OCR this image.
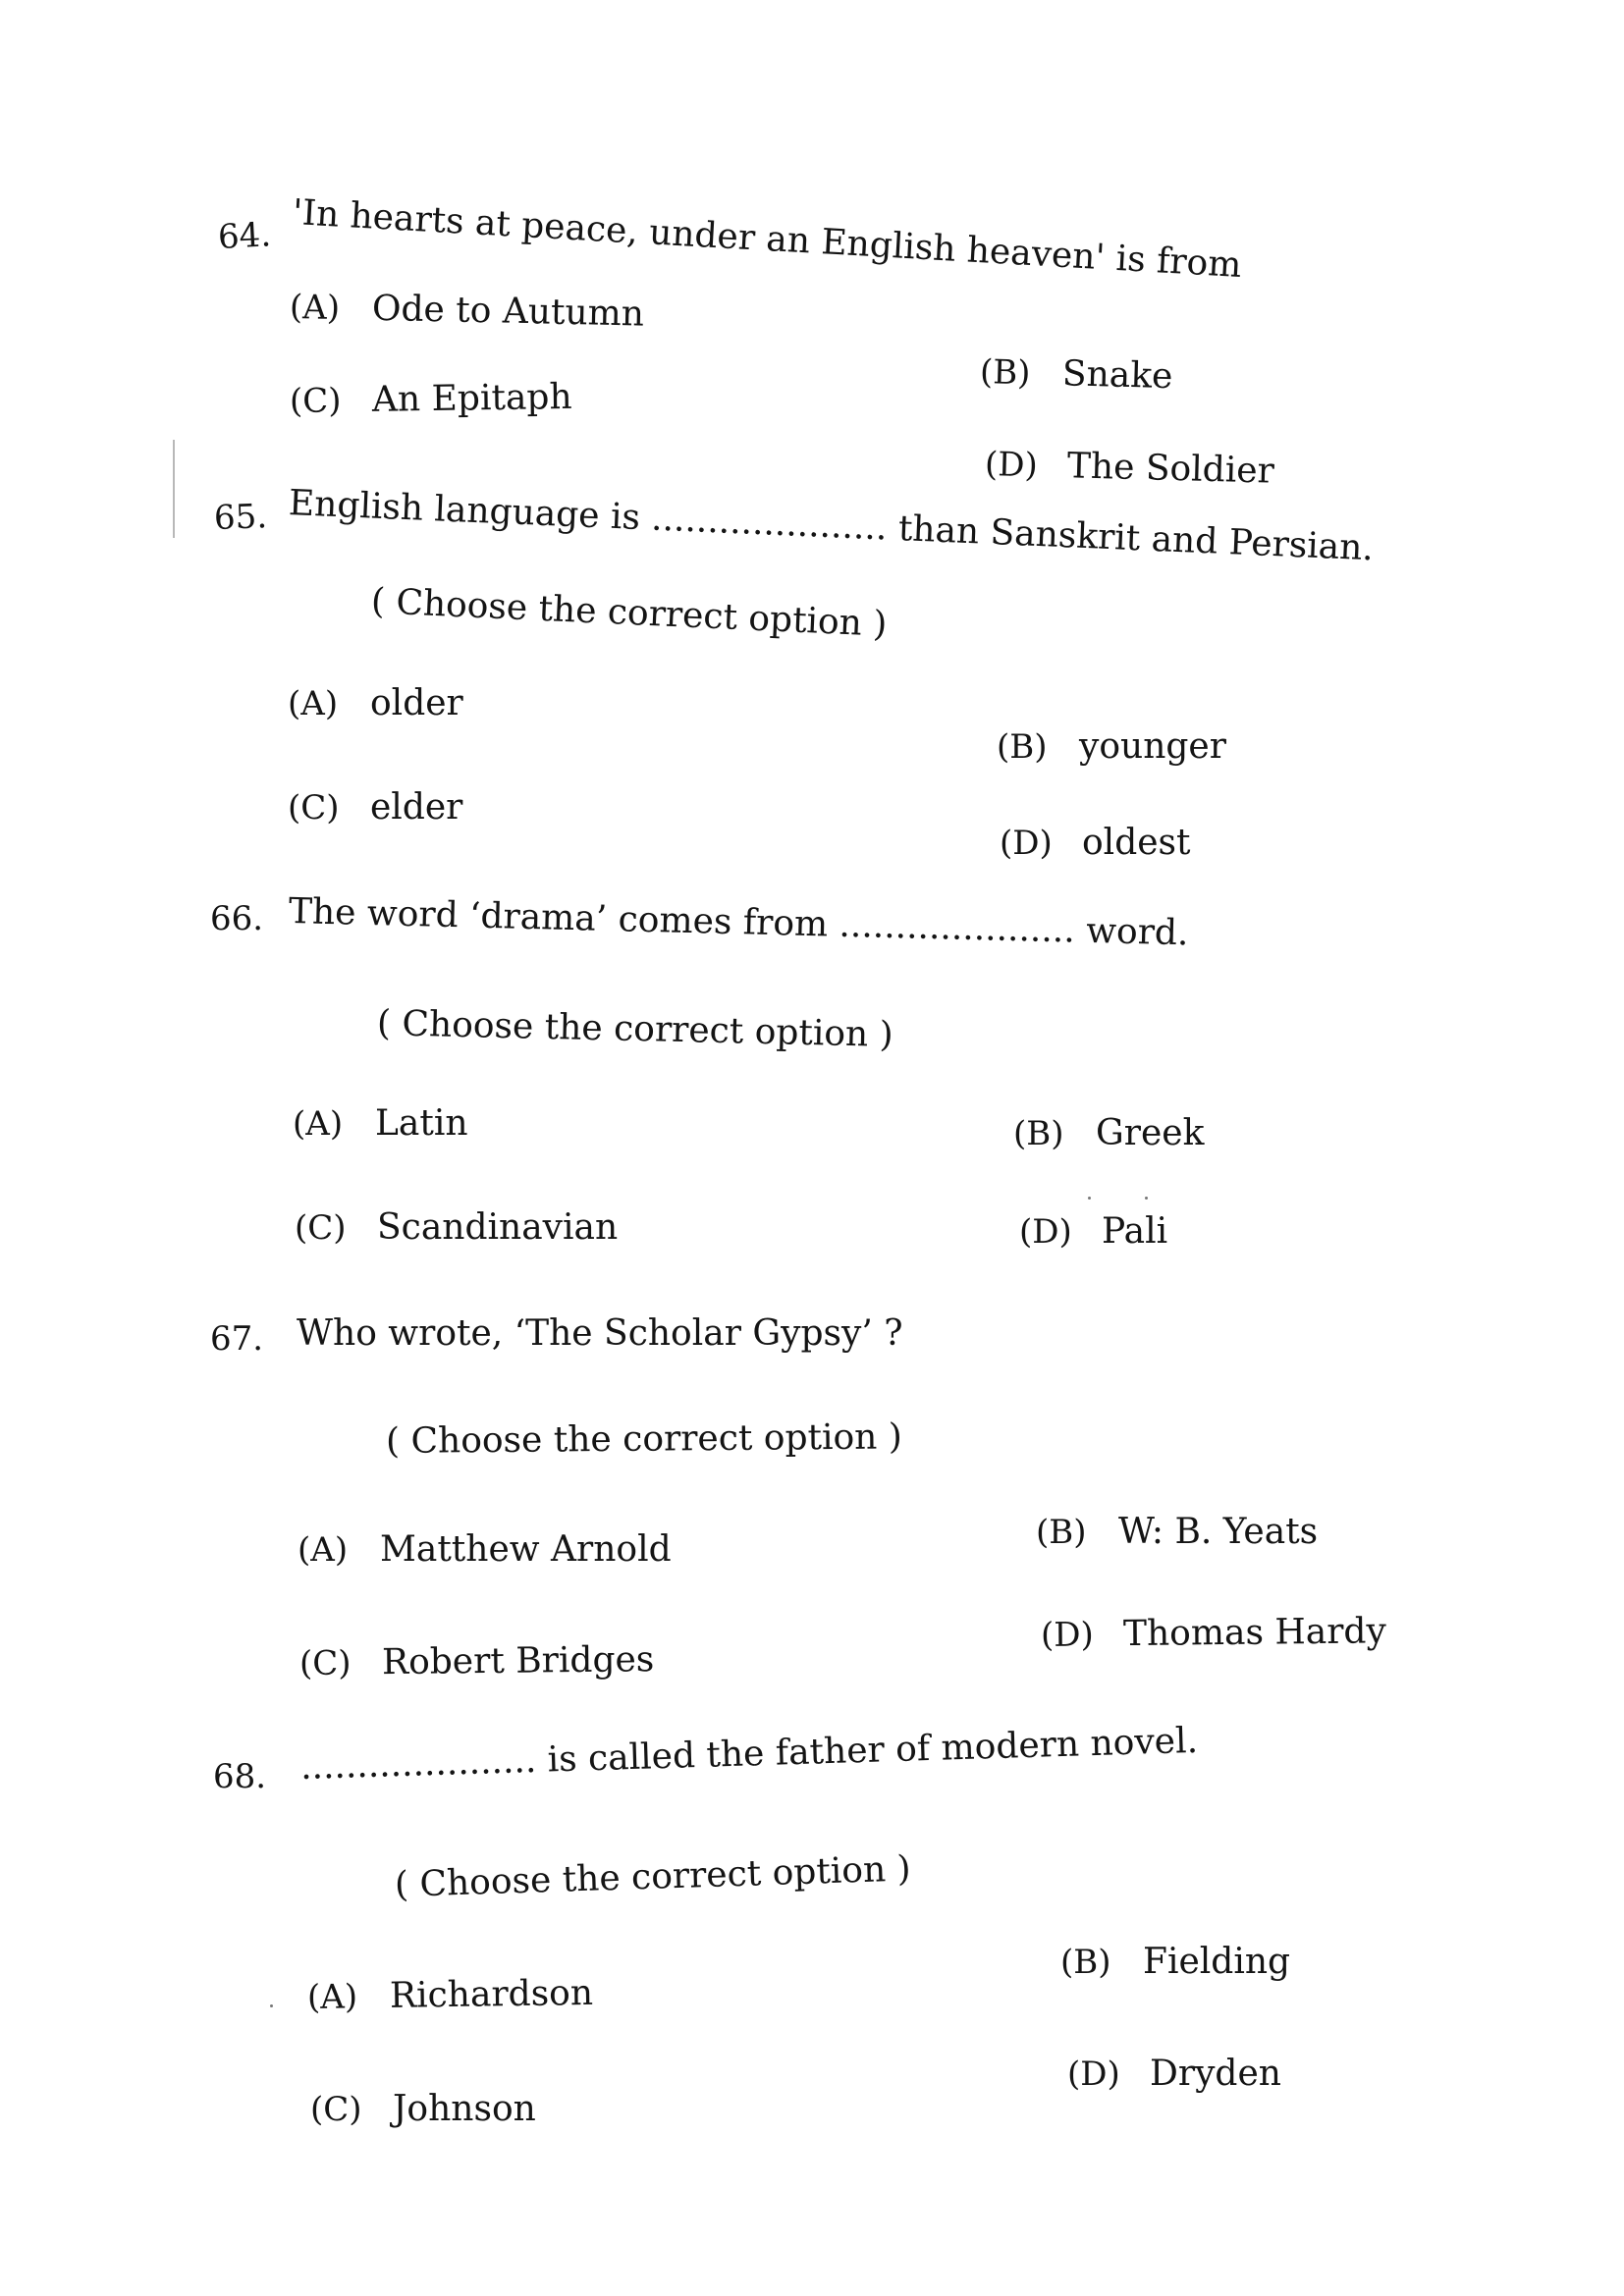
64. 'In hearts at peace, under an English heaven' is from
(A) Ode to Autumn
(B) Snake
(C) An Epitaph
(D) The Soldier
65. English language is ..................... than Sanskrit and Persian.
( Choose the correct option )
(A) older
(B) younger
(C) elder
(D) oldest
66. The word ‘drama’ comes from ..................... word.
( Choose the correct option )
(A) Latin	(B) Greek
(C) Scandinavian	(D) Pali
67. Who wrote, ‘The Scholar Gypsy’ ?
( Choose the correct option )
(A) Matthew Arnold	(B) W: B. Yeats
(C) Robert Bridges
(D) Thomas Hardy
68. ..................... is called the father of modern novel.
( Choose the correct option )
(A) Richardson
(B) Fielding
(C) Johnson
(D) Dryden
